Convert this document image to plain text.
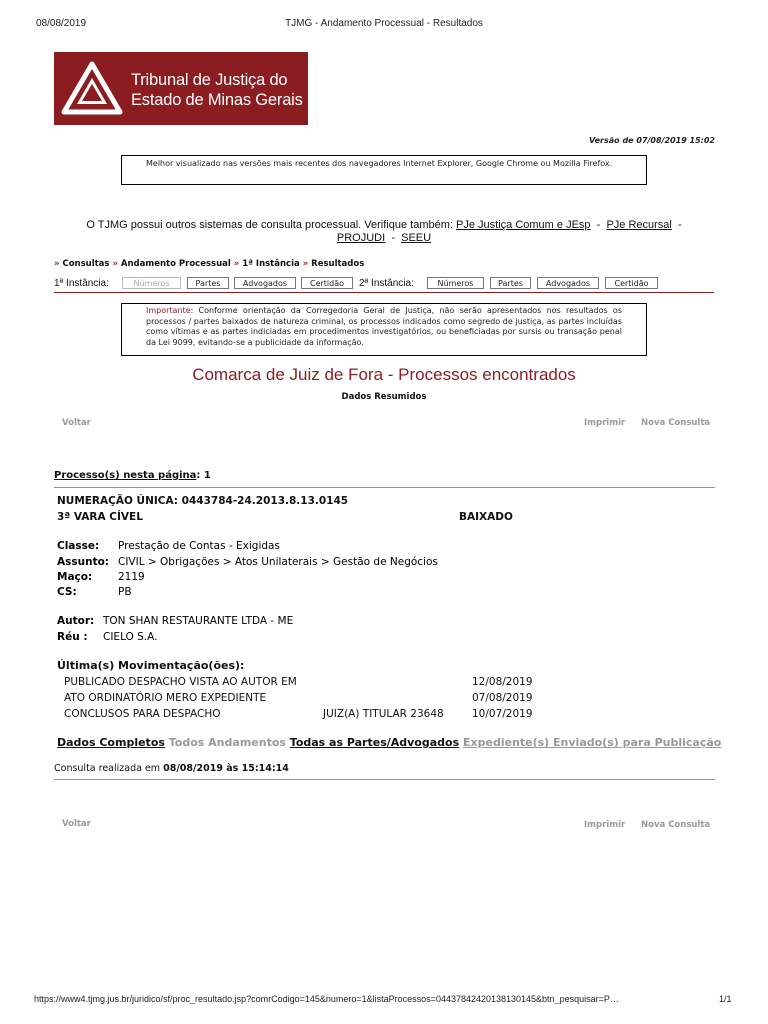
08/08/2019	TJMG - Andamento Processual - Resultados
Tribunal de Justiça do
Estado de Minas Gerais
Versão de 07/08/2019 15:02
Melhor visualizado nas versões mais recentes dos navegadores Internet Explorer, Google Chrome ou Mozilla Firefox.
O TJMG possui outros sistemas de consulta processual. Verifique também: PJe Justiça Comum e JEsp - PJe Recursal -
PROJUDI - SEEU
» Consultas » Andamento Processual » 1ª Instância » Resultados
1ª Instância:	Números	Partes	Advogados	Certidão	2ª Instância:	Números	Partes	Advogados	Certidão
Importante: Conforme orientação da Corregedoria Geral de Justiça, não serão apresentados nos resultados os processos / partes baixados de natureza criminal, os processos indicados como segredo de justiça, as partes incluídas como vítimas e as partes indiciadas em procedimentos investigatórios, ou beneficiadas por sursis ou transação penal da Lei 9099, evitando-se a publicidade da informação.
Comarca de Juiz de Fora - Processos encontrados
Dados Resumidos
Voltar	Imprimir Nova Consulta
Processo(s) nesta página: 1
NUMERAÇÃO ÚNICA: 0443784-24.2013.8.13.0145
3ª VARA CÍVEL	BAIXADO
Classe: Prestação de Contas - Exigidas
Assunto: CIVIL > Obrigações > Atos Unilaterais > Gestão de Negócios
Maço: 2119
CS:	PB
Autor: TON SHAN RESTAURANTE LTDA - ME
Réu : CIELO S.A.
Última(s) Movimentação(ões):
PUBLICADO DESPACHO VISTA AO AUTOR EM	12/08/2019
ATO ORDINATÓRIO MERO EXPEDIENTE	07/08/2019
CONCLUSOS PARA DESPACHO	JUIZ(A) TITULAR 23648	10/07/2019
Dados Completos Todos Andamentos Todas as Partes/Advogados Expediente(s) Enviado(s) para Publicação
Consulta realizada em 08/08/2019 às 15:14:14
Voltar	Imprimir Nova Consulta
https://www4.tjmg.jus.br/juridico/sf/proc_resultado.jsp?comrCodigo=145&numero=1&listaProcessos=04437842420138130145&btn_pesquisar=P…	1/1
